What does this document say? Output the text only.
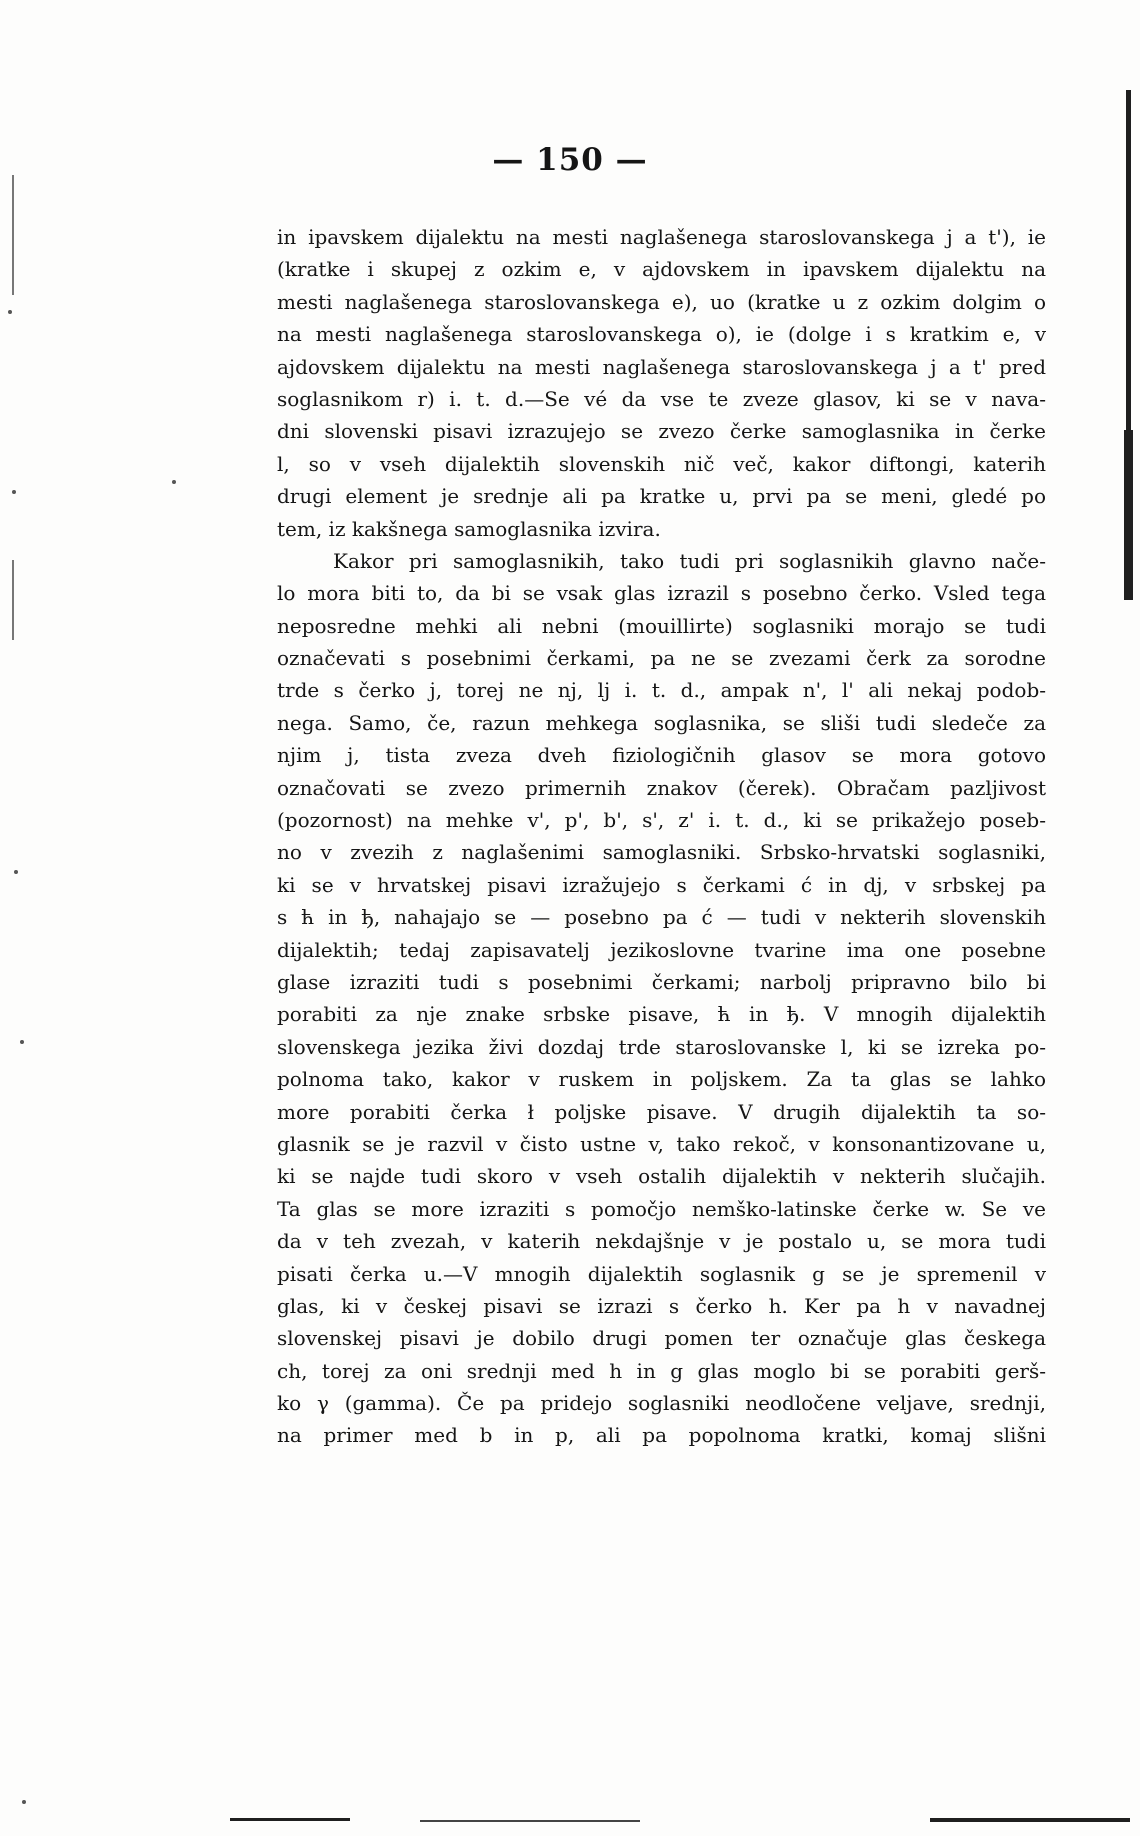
— 150 —
in ipavskem dijalektu na mesti naglašenega staroslovanskega j a t'), ie
(kratke i skupej z ozkim e, v ajdovskem in ipavskem dijalektu na
mesti naglašenega staroslovanskega e), uo (kratke u z ozkim dolgim o
na mesti naglašenega staroslovanskega o), ie (dolge i s kratkim e, v
ajdovskem dijalektu na mesti naglašenega staroslovanskega j a t' pred
soglasnikom r) i. t. d.—Se vé da vse te zveze glasov, ki se v nava-
dni slovenski pisavi izrazujejo se zvezo čerke samoglasnika in čerke
l, so v vseh dijalektih slovenskih nič več, kakor diftongi, katerih
drugi element je srednje ali pa kratke u, prvi pa se meni, gledé po
tem, iz kakšnega samoglasnika izvira.
Kakor pri samoglasnikih, tako tudi pri soglasnikih glavno nače-
lo mora biti to, da bi se vsak glas izrazil s posebno čerko. Vsled tega
neposredne mehki ali nebni (mouillirte) soglasniki morajo se tudi
označevati s posebnimi čerkami, pa ne se zvezami čerk za sorodne
trde s čerko j, torej ne nj, lj i. t. d., ampak n', l' ali nekaj podob-
nega. Samo, če, razun mehkega soglasnika, se sliši tudi sledeče za
njim j, tista zveza dveh fiziologičnih glasov se mora gotovo
označovati se zvezo primernih znakov (čerek). Obračam pazljivost
(pozornost) na mehke v', p', b', s', z' i. t. d., ki se prikažejo poseb-
no v zvezih z naglašenimi samoglasniki. Srbsko-hrvatski soglasniki,
ki se v hrvatskej pisavi izražujejo s čerkami ć in dj, v srbskej pa
s ћ in ђ, nahajajo se — posebno pa ć — tudi v nekterih slovenskih
dijalektih; tedaj zapisavatelj jezikoslovne tvarine ima one posebne
glase izraziti tudi s posebnimi čerkami; narbolj pripravno bilo bi
porabiti za nje znake srbske pisave, ћ in ђ. V mnogih dijalektih
slovenskega jezika živi dozdaj trde staroslovanske l, ki se izreka po-
polnoma tako, kakor v ruskem in poljskem. Za ta glas se lahko
more porabiti čerka ł poljske pisave. V drugih dijalektih ta so-
glasnik se je razvil v čisto ustne v, tako rekoč, v konsonantizovane u,
ki se najde tudi skoro v vseh ostalih dijalektih v nekterih slučajih.
Ta glas se more izraziti s pomočjo nemško-latinske čerke w. Se ve
da v teh zvezah, v katerih nekdajšnje v je postalo u, se mora tudi
pisati čerka u.—V mnogih dijalektih soglasnik g se je spremenil v
glas, ki v českej pisavi se izrazi s čerko h. Ker pa h v navadnej
slovenskej pisavi je dobilo drugi pomen ter označuje glas českega
ch, torej za oni srednji med h in g glas moglo bi se porabiti gerš-
ko γ (gamma). Če pa pridejo soglasniki neodločene veljave, srednji,
na primer med b in p, ali pa popolnoma kratki, komaj slišni
